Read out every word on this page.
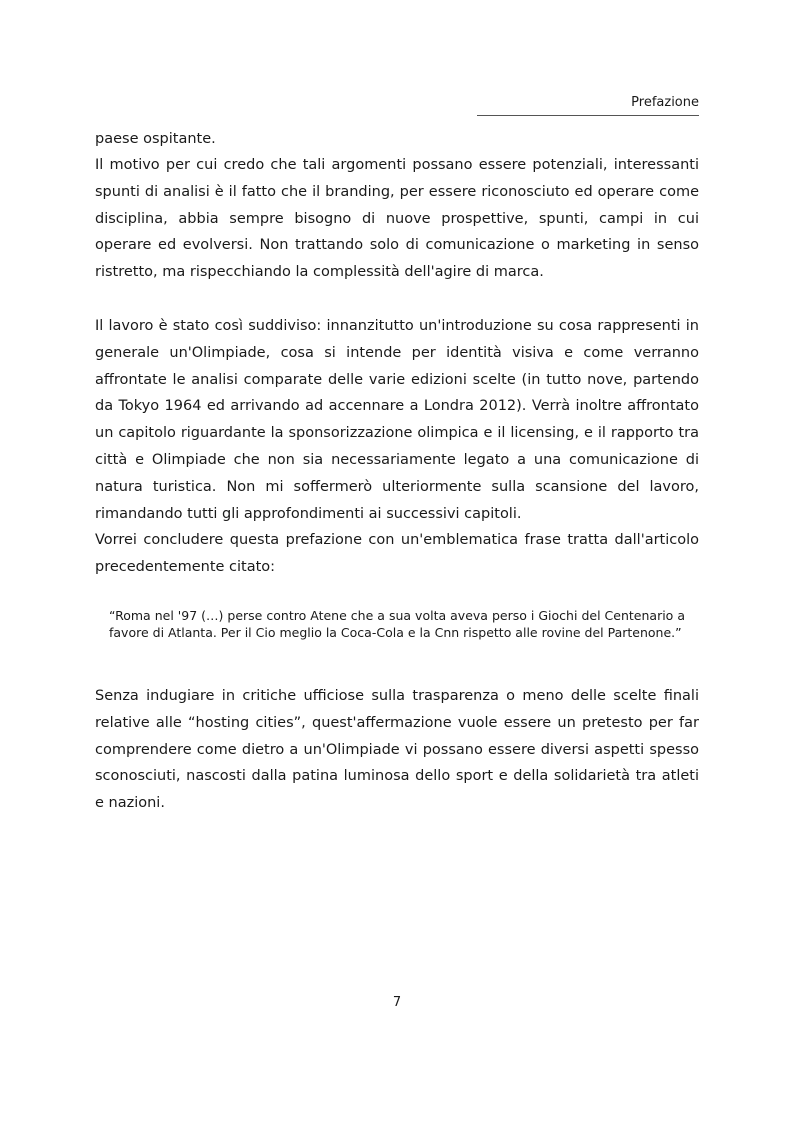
Prefazione

paese ospitante.

Il motivo per cui credo che tali argomenti possano essere potenziali, interessanti spunti di analisi è il fatto che il branding, per essere riconosciuto ed operare come disciplina, abbia sempre bisogno di nuove prospettive, spunti, campi in cui operare ed evolversi. Non trattando solo di comunicazione o marketing in senso ristretto, ma rispecchiando la complessità dell'agire di marca.

Il lavoro è stato così suddiviso: innanzitutto un'introduzione su cosa rappresenti in generale un'Olimpiade, cosa si intende per identità visiva e come verranno affrontate le analisi comparate delle varie edizioni scelte (in tutto nove, partendo da Tokyo 1964 ed arrivando ad accennare a Londra 2012). Verrà inoltre affrontato un capitolo riguardante la sponsorizzazione olimpica e il licensing, e il rapporto tra città e Olimpiade che non sia necessariamente legato a una comunicazione di natura turistica. Non mi soffermerò ulteriormente sulla scansione del lavoro, rimandando tutti gli approfondimenti ai successivi capitoli.

Vorrei concludere questa prefazione con un'emblematica frase tratta dall'articolo precedentemente citato:

“Roma nel '97 (…) perse contro Atene che a sua volta aveva perso i Giochi del Centenario a favore di Atlanta. Per il Cio meglio la Coca-Cola e la Cnn rispetto alle rovine del Partenone.”

Senza indugiare in critiche ufficiose sulla trasparenza o meno delle scelte finali relative alle “hosting cities”, quest'affermazione vuole essere un pretesto per far comprendere come dietro a un'Olimpiade vi possano essere diversi aspetti spesso sconosciuti, nascosti dalla patina luminosa dello sport e della solidarietà tra atleti e nazioni.

7
